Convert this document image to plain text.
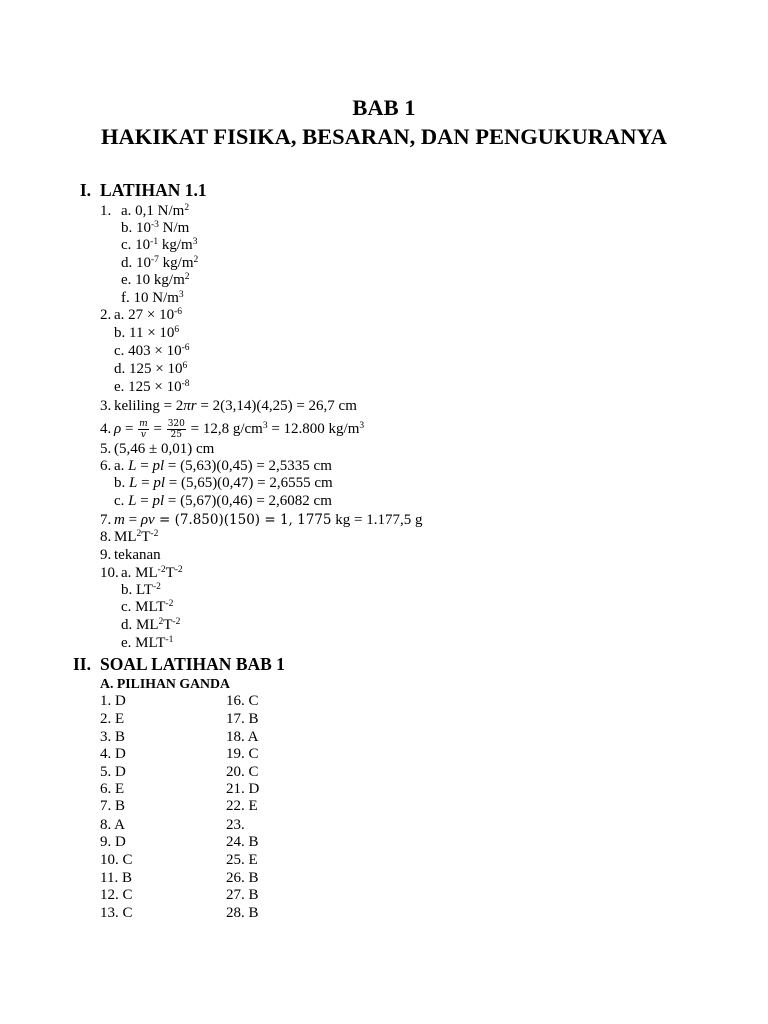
BAB 1
HAKIKAT FISIKA, BESARAN, DAN PENGUKURANYA
I. LATIHAN 1.1
1. a. 0,1 $N/m^2$
b. $10^{-3}$ N/m
c. $10^{-1}$ $kg/m^3$
d. $10^{-7}$ $kg/m^2$
e. 10 $kg/m^2$
f. 10 $N/m^3$
2. a. $27 \times 10^{-6}$
b. $11 \times 10^6$
c. $403 \times 10^{-6}$
d. $125 \times 10^6$
e. $125 \times 10^{-8}$
3. keliling = 2πr = 2(3,14)(4,25) = 26,7 cm
4. $\rho = \frac{m}{v} = \frac{320}{25} = 12,8$ $g/cm^3 = 12.800$ $kg/m^3$
5. (5,46 ± 0,01) cm
6. a. L = pl = (5,63)(0,45) = 2,5335 cm
b. L = pl = (5,65)(0,47) = 2,6555 cm
c. L = pl = (5,67)(0,46) = 2,6082 cm
7. m = ρv = (7.850)(150) = 1, 1775 kg = 1.177,5 g
8. $ML^2T^{-2}$
9. tekanan
10. a. $ML^{-2}T^{-2}$
b. $LT^{-2}$
c. $MLT^{-2}$
d. $ML^2T^{-2}$
e. $MLT^{-1}$
II. SOAL LATIHAN BAB 1
A. PILIHAN GANDA
1. D	16. C
2. E	17. B
3. B	18. A
4. D	19. C
5. D	20. C
6. E	21. D
7. B	22. E
8. A	23.
9. D	24. B
10. C	25. E
11. B	26. B
12. C	27. B
13. C	28. B
